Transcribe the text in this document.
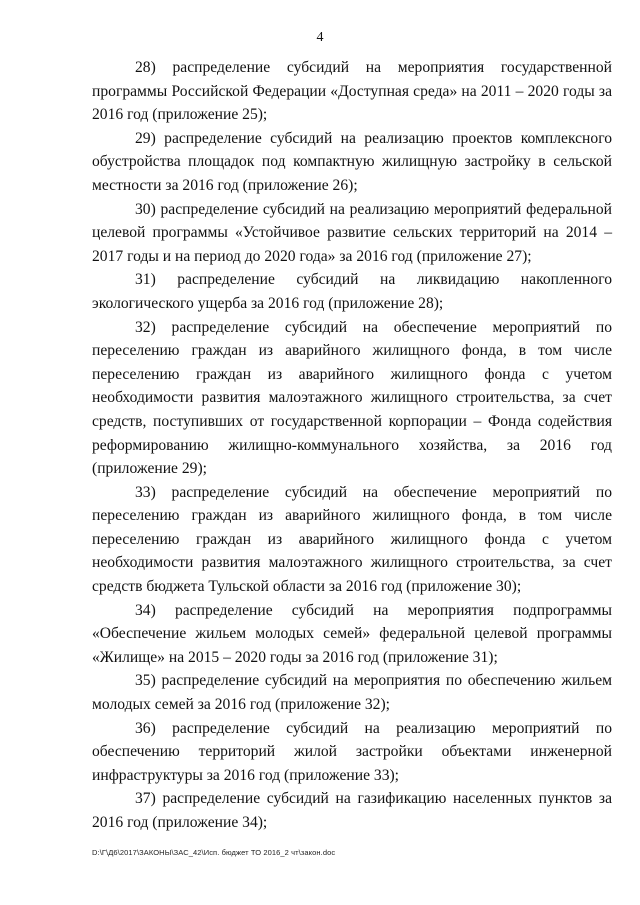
4

28) распределение субсидий на мероприятия государственной программы Российской Федерации «Доступная среда» на 2011 – 2020 годы за 2016 год (приложение 25);

29) распределение субсидий на реализацию проектов комплексного обустройства площадок под компактную жилищную застройку в сельской местности за 2016 год (приложение 26);

30) распределение субсидий на реализацию мероприятий федеральной целевой программы «Устойчивое развитие сельских территорий на 2014 – 2017 годы и на период до 2020 года» за 2016 год (приложение 27);

31) распределение субсидий на ликвидацию накопленного экологического ущерба за 2016 год (приложение 28);

32) распределение субсидий на обеспечение мероприятий по переселению граждан из аварийного жилищного фонда, в том числе переселению граждан из аварийного жилищного фонда с учетом необходимости развития малоэтажного жилищного строительства, за счет средств, поступивших от государственной корпорации – Фонда содействия реформированию жилищно-коммунального хозяйства, за 2016 год (приложение 29);

33) распределение субсидий на обеспечение мероприятий по переселению граждан из аварийного жилищного фонда, в том числе переселению граждан из аварийного жилищного фонда с учетом необходимости развития малоэтажного жилищного строительства, за счет средств бюджета Тульской области за 2016 год (приложение 30);

34) распределение субсидий на мероприятия подпрограммы «Обеспечение жильем молодых семей» федеральной целевой программы «Жилище» на 2015 – 2020 годы за 2016 год (приложение 31);

35) распределение субсидий на мероприятия по обеспечению жильем молодых семей за 2016 год (приложение 32);

36) распределение субсидий на реализацию мероприятий по обеспечению территорий жилой застройки объектами инженерной инфраструктуры за 2016 год (приложение 33);

37) распределение субсидий на газификацию населенных пунктов за 2016 год (приложение 34);

D:\Г\Д6\2017\ЗАКОНЫ\ЗАС_42\Исп. бюджет ТО 2016_2 чт\закон.doc
